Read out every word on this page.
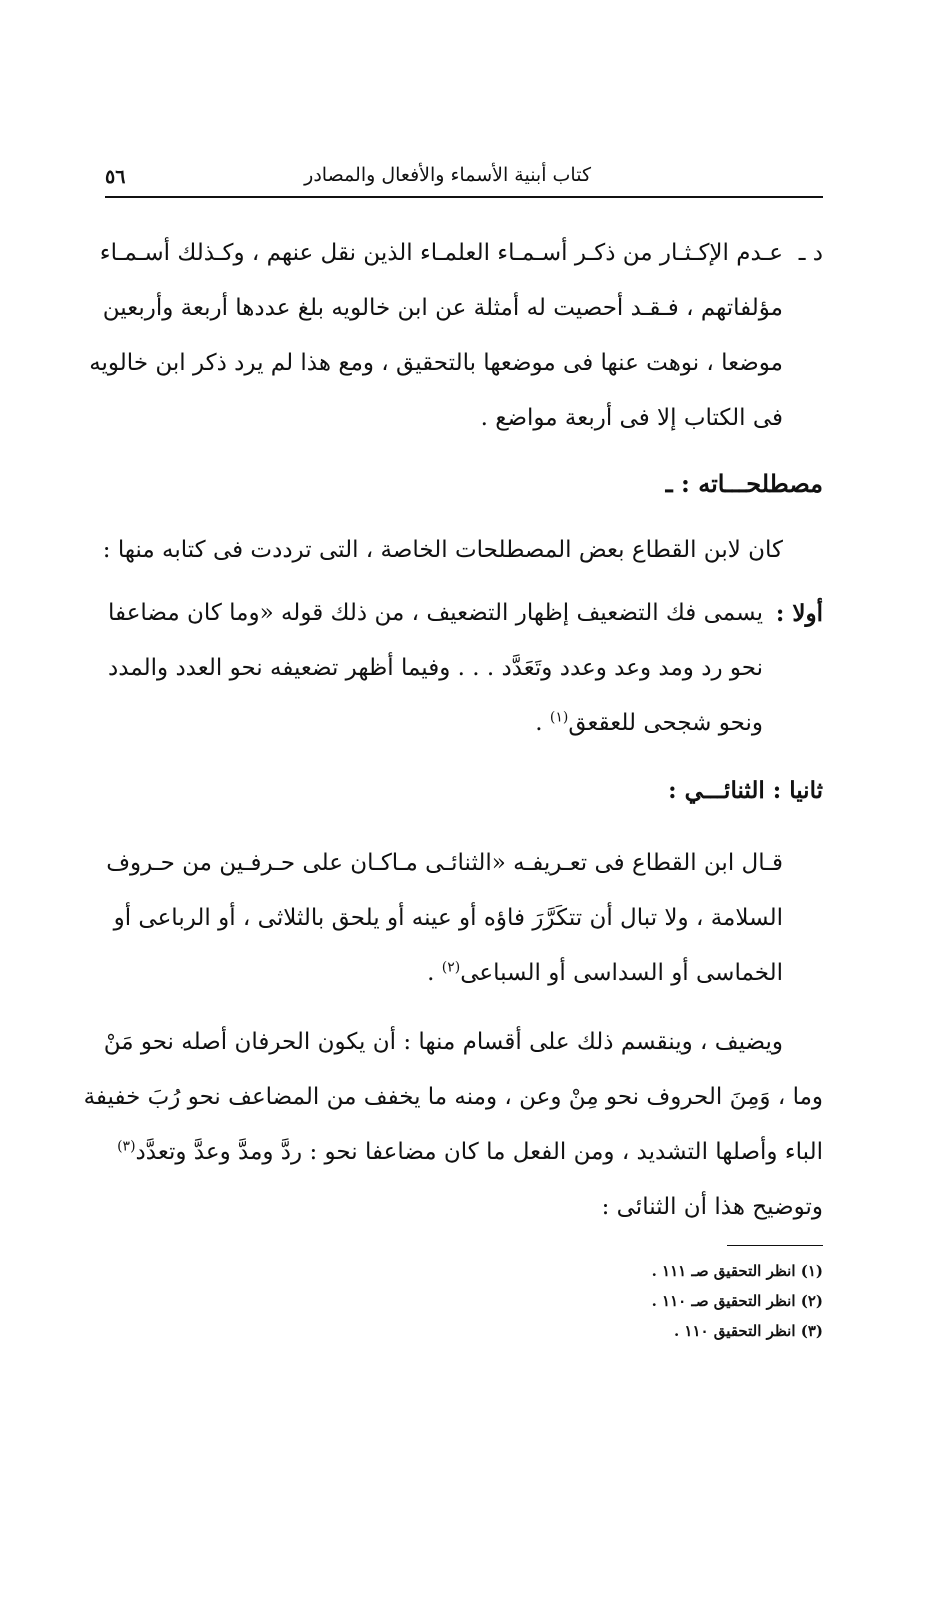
كتاب أبنية الأسماء والأفعال والمصادر
٥٦
د ـ
عـدم الإكـثـار من ذكـر أسـمـاء العلمـاء الذين نقل عنهم ، وكـذلك أسـمـاء
مؤلفاتهم ، فـقـد أحصيت له أمثلة عن ابن خالويه بلغ عددها أربعة وأربعين
موضعا ، نوهت عنها فى موضعها بالتحقيق ، ومع هذا لم يرد ذكر ابن خالويه
فى الكتاب إلا فى أربعة مواضع .
مصطلحـــاته : ـ
كان لابن القطاع بعض المصطلحات الخاصة ، التى ترددت فى كتابه منها :
أولا :
يسمى فك التضعيف إظهار التضعيف ، من ذلك قوله «وما كان مضاعفا
نحو رد ومد وعد وعدد وتَعَدَّد . . . وفيما أظهر تضعيفه نحو العدد والمدد
ونحو شجحى للعقعق$^{(١)}$ .
ثانيا : الثنائـــي :
قـال ابن القطاع فى تعـريفـه «الثنائـى مـاكـان على حـرفـين من حـروف
السلامة ، ولا تبال أن تتكَرَّرَ فاؤه أو عينه أو يلحق بالثلاثى ، أو الرباعى أو
الخماسى أو السداسى أو السباعى$^{(٢)}$ .
ويضيف ، وينقسم ذلك على أقسام منها : أن يكون الحرفان أصله نحو مَنْ
وما ، وَمِنَ الحروف نحو مِنْ وعن ، ومنه ما يخفف من المضاعف نحو رُبَ خفيفة
الباء وأصلها التشديد ، ومن الفعل ما كان مضاعفا نحو : ردَّ ومدَّ وعدَّ وتعدَّد$^{(٣)}$
وتوضيح هذا أن الثنائى :
(١) انظر التحقيق صـ ١١١ .
(٢) انظر التحقيق صـ ١١٠ .
(٣) انظر التحقيق ١١٠ .
